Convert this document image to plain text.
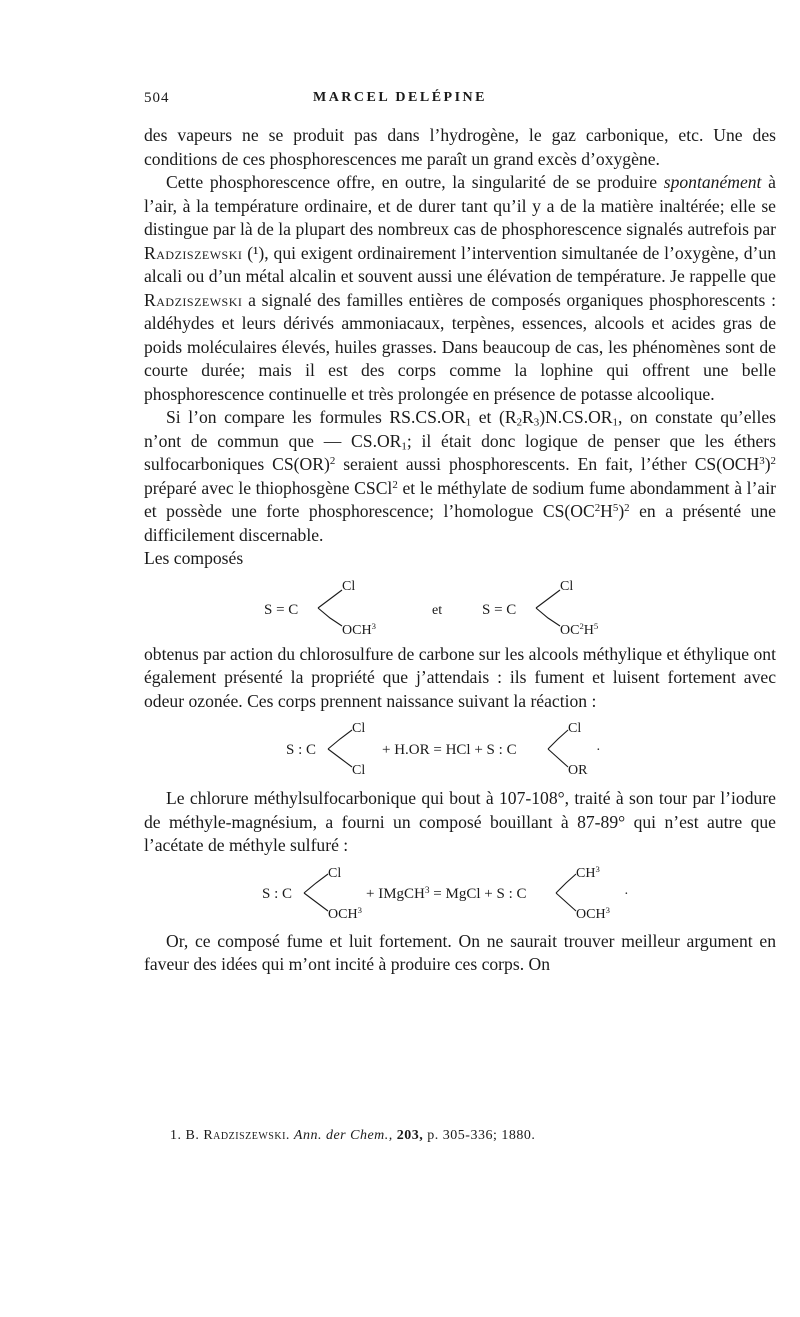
504	MARCEL DELÉPINE

des vapeurs ne se produit pas dans l’hydrogène, le gaz carbonique, etc. Une des conditions de ces phosphorescences me paraît un grand excès d’oxygène.

Cette phosphorescence offre, en outre, la singularité de se produire spontanément à l’air, à la température ordinaire, et de durer tant qu’il y a de la matière inaltérée; elle se distingue par là de la plupart des nombreux cas de phosphorescence signalés autrefois par Radziszewski (¹), qui exigent ordinairement l’intervention simultanée de l’oxygène, d’un alcali ou d’un métal alcalin et souvent aussi une élévation de température. Je rappelle que Radziszewski a signalé des familles entières de composés organiques phosphorescents : aldéhydes et leurs dérivés ammoniacaux, terpènes, essences, alcools et acides gras de poids moléculaires élevés, huiles grasses. Dans beaucoup de cas, les phénomènes sont de courte durée; mais il est des corps comme la lophine qui offrent une belle phosphorescence continuelle et très prolongée en présence de potasse alcoolique.

Si l’on compare les formules $RS.CS.OR_1$ et $(R_2R_3)N.CS.OR_1$, on constate qu’elles n’ont de commun que — $CS.OR_1$; il était donc logique de penser que les éthers sulfocarboniques CS(OR)$^2$ seraient aussi phosphorescents. En fait, l’éther $CS(OCH^3)^2$ préparé avec le thiophosgène CSCl$^2$ et le méthylate de sodium fume abondamment à l’air et possède une forte phosphorescence; l’homologue $CS(OC^2H^5)^2$ en a présenté une difficilement discernable.

Les composés

S = C
Cl
OCH$^3$
et	S = C
Cl
$OC^2H^5$

obtenus par action du chlorosulfure de carbone sur les alcools méthylique et éthylique ont également présenté la propriété que j’attendais : ils fument et luisent fortement avec odeur ozonée. Ces corps prennent naissance suivant la réaction :

S : C
Cl
Cl
+ H.OR = HCl + S : C
Cl
OR
·

Le chlorure méthylsulfocarbonique qui bout à 107-108°, traité à son tour par l’iodure de méthyle-magnésium, a fourni un composé bouillant à 87-89° qui n’est autre que l’acétate de méthyle sulfuré :

S : C
Cl
$OCH^3$
+ IMgCH$^3$ = MgCl + S : C
$CH^3$
$OCH^3$
·

Or, ce composé fume et luit fortement. On ne saurait trouver meilleur argument en faveur des idées qui m’ont incité à produire ces corps. On

1. B. Radziszewski. Ann. der Chem., 203, p. 305-336; 1880.
